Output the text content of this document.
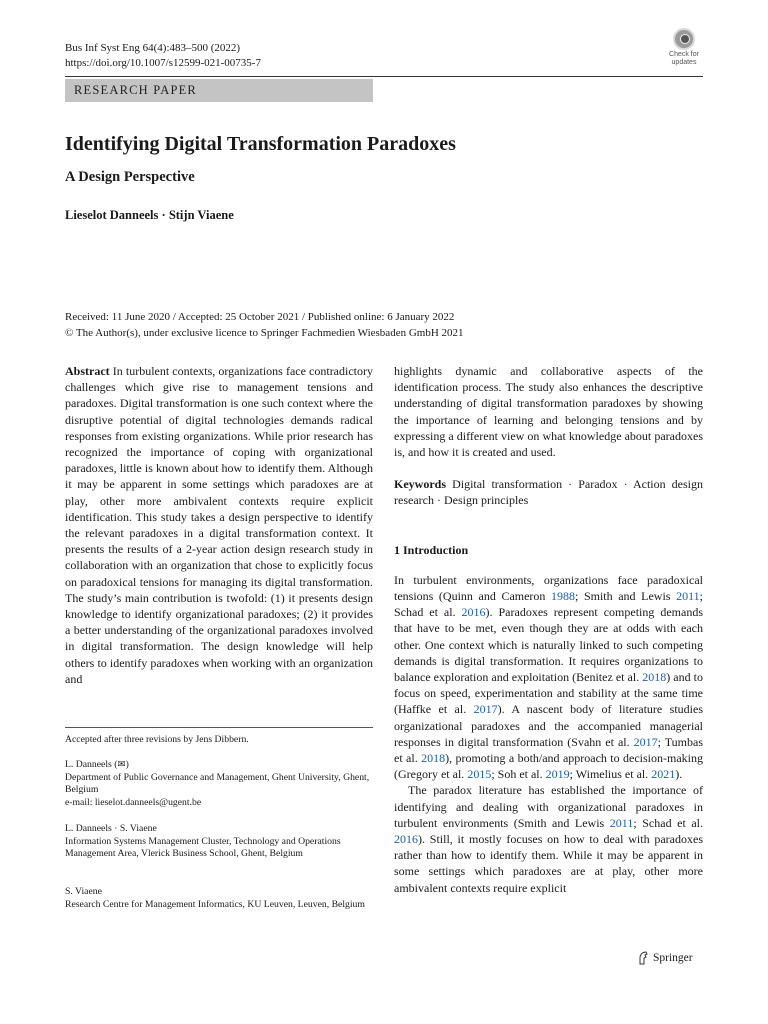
Bus Inf Syst Eng 64(4):483–500 (2022)
https://doi.org/10.1007/s12599-021-00735-7
Check for
updates
RESEARCH PAPER
Identifying Digital Transformation Paradoxes
A Design Perspective
Lieselot Danneels · Stijn Viaene
Received: 11 June 2020 / Accepted: 25 October 2021 / Published online: 6 January 2022
© The Author(s), under exclusive licence to Springer Fachmedien Wiesbaden GmbH 2021

Abstract In turbulent contexts, organizations face contradictory challenges which give rise to management tensions and paradoxes. Digital transformation is one such context where the disruptive potential of digital technologies demands radical responses from existing organizations. While prior research has recognized the importance of coping with organizational paradoxes, little is known about how to identify them. Although it may be apparent in some settings which paradoxes are at play, other more ambivalent contexts require explicit identification. This study takes a design perspective to identify the relevant paradoxes in a digital transformation context. It presents the results of a 2-year action design research study in collaboration with an organization that chose to explicitly focus on paradoxical tensions for managing its digital transformation. The study’s main contribution is twofold: (1) it presents design knowledge to identify organizational paradoxes; (2) it provides a better understanding of the organizational paradoxes involved in digital transformation. The design knowledge will help others to identify paradoxes when working with an organization and

highlights dynamic and collaborative aspects of the identification process. The study also enhances the descriptive understanding of digital transformation paradoxes by showing the importance of learning and belonging tensions and by expressing a different view on what knowledge about paradoxes is, and how it is created and used.

Keywords Digital transformation · Paradox · Action design research · Design principles

1 Introduction

In turbulent environments, organizations face paradoxical tensions (Quinn and Cameron 1988; Smith and Lewis 2011; Schad et al. 2016). Paradoxes represent competing demands that have to be met, even though they are at odds with each other. One context which is naturally linked to such competing demands is digital transformation. It requires organizations to balance exploration and exploitation (Benitez et al. 2018) and to focus on speed, experimentation and stability at the same time (Haffke et al. 2017). A nascent body of literature studies organizational paradoxes and the accompanied managerial responses in digital transformation (Svahn et al. 2017; Tumbas et al. 2018), promoting a both/and approach to decision-making (Gregory et al. 2015; Soh et al. 2019; Wimelius et al. 2021).

The paradox literature has established the importance of identifying and dealing with organizational paradoxes in turbulent environments (Smith and Lewis 2011; Schad et al. 2016). Still, it mostly focuses on how to deal with paradoxes rather than how to identify them. While it may be apparent in some settings which paradoxes are at play, other more ambivalent contexts require explicit

Accepted after three revisions by Jens Dibbern.
L. Danneels (✉)
Department of Public Governance and Management, Ghent University, Ghent, Belgium
e-mail: lieselot.danneels@ugent.be
L. Danneels · S. Viaene
Information Systems Management Cluster, Technology and Operations Management Area, Vlerick Business School, Ghent, Belgium
S. Viaene
Research Centre for Management Informatics, KU Leuven, Leuven, Belgium
Springer
